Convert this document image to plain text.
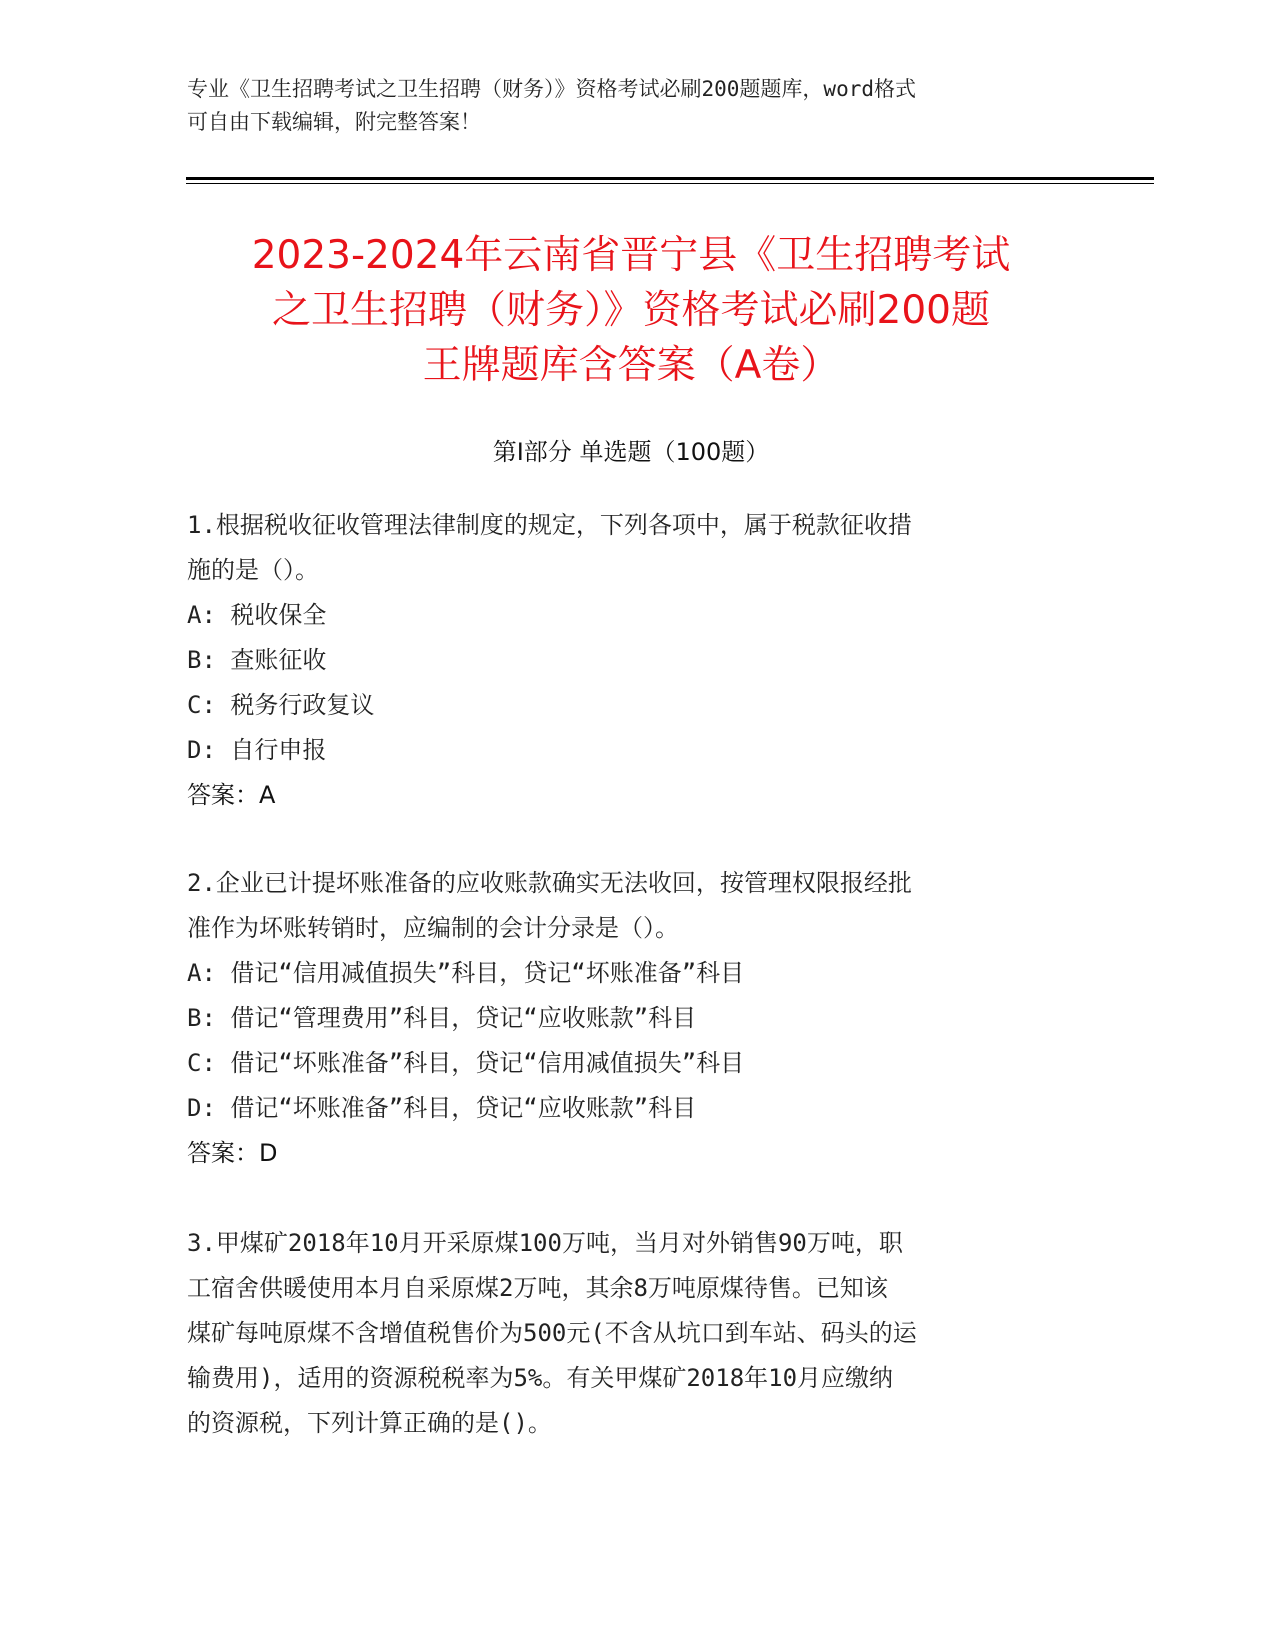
专业《卫生招聘考试之卫生招聘（财务）》资格考试必刷200题题库，word格式
可自由下载编辑，附完整答案！
2023-2024年云南省晋宁县《卫生招聘考试
之卫生招聘（财务）》资格考试必刷200题
王牌题库含答案（A卷）
第I部分 单选题（100题）
1.根据税收征收管理法律制度的规定，下列各项中，属于税款征收措
施的是（）。
A: 税收保全
B: 查账征收
C: 税务行政复议
D: 自行申报
答案：A
2.企业已计提坏账准备的应收账款确实无法收回，按管理权限报经批
准作为坏账转销时，应编制的会计分录是（）。
A: 借记“信用减值损失”科目，贷记“坏账准备”科目
B: 借记“管理费用”科目，贷记“应收账款”科目
C: 借记“坏账准备”科目，贷记“信用减值损失”科目
D: 借记“坏账准备”科目，贷记“应收账款”科目
答案：D
3.甲煤矿2018年10月开采原煤100万吨，当月对外销售90万吨，职
工宿舍供暖使用本月自采原煤2万吨，其余8万吨原煤待售。已知该
煤矿每吨原煤不含增值税售价为500元(不含从坑口到车站、码头的运
输费用)，适用的资源税税率为5%。有关甲煤矿2018年10月应缴纳
的资源税，下列计算正确的是()。
